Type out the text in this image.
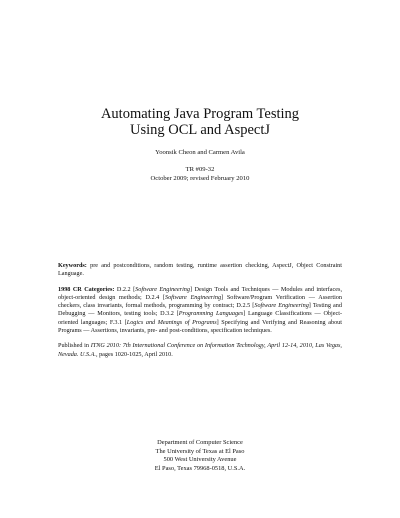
Automating Java Program Testing
Using OCL and AspectJ
Yoonsik Cheon and Carmen Avila
TR #09-32
October 2009; revised February 2010

Keywords: pre and postconditions, random testing, runtime assertion checking, AspectJ, Object Constraint Language.

1998 CR Categories: D.2.2 [Software Engineering] Design Tools and Techniques — Modules and interfaces, object-oriented design methods; D.2.4 [Software Engineering] Software/Program Verification — Assertion checkers, class invariants, formal methods, programming by contract; D.2.5 [Software Engineering] Testing and Debugging — Monitors, testing tools; D.3.2 [Programming Languages] Language Classifications — Object-oriented languages; F.3.1 [Logics and Meanings of Programs] Specifying and Verifying and Reasoning about Programs — Assertions, invariants, pre- and post-conditions, specification techniques.

Published in ITNG 2010: 7th International Conference on Information Technology, April 12-14, 2010, Las Vegas, Nevada. U.S.A., pages 1020-1025, April 2010.

Department of Computer Science
The University of Texas at El Paso
500 West University Avenue
El Paso, Texas 79968-0518, U.S.A.
